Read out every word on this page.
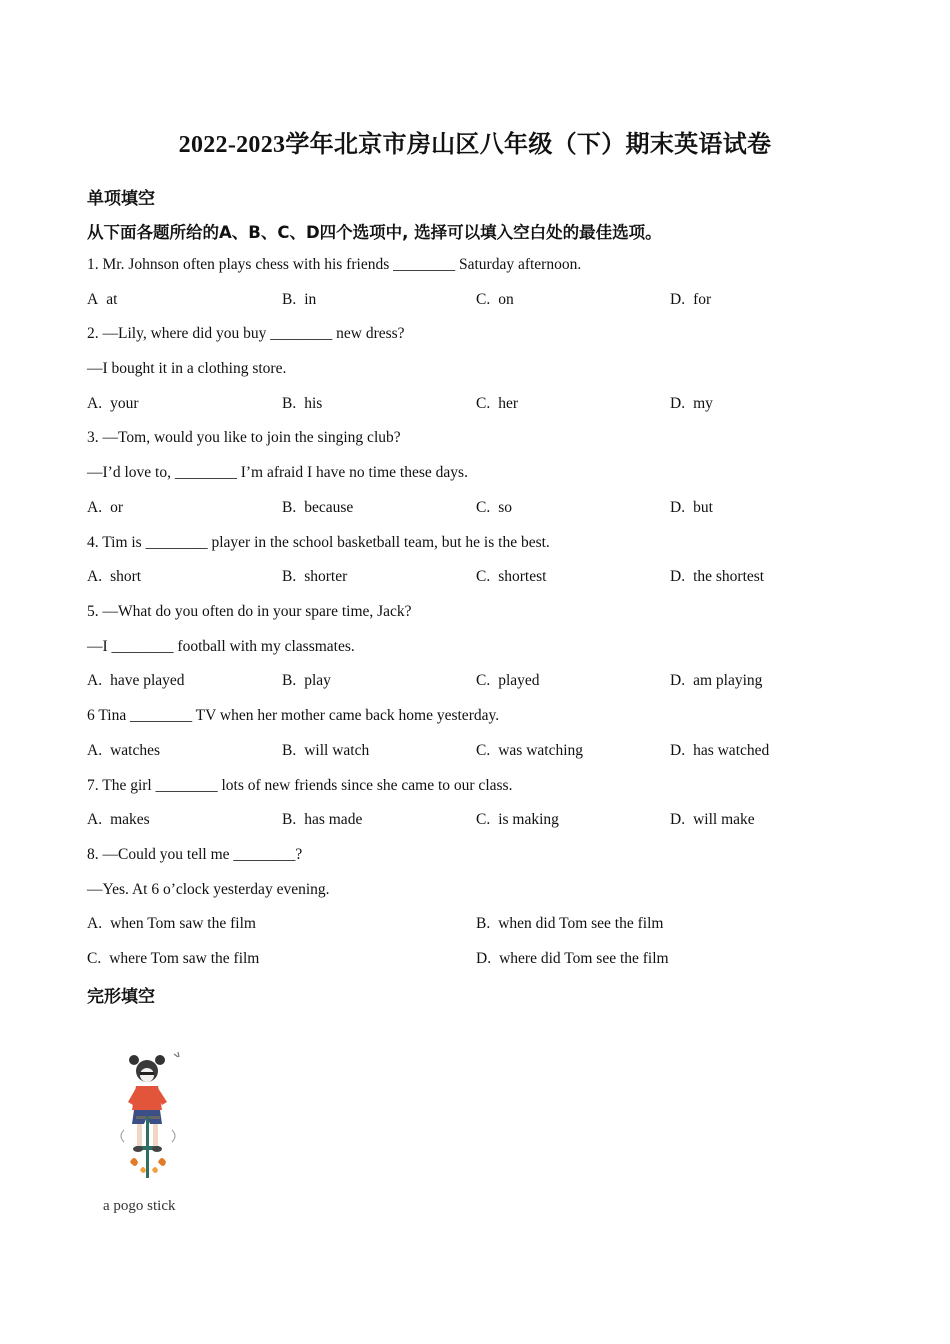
2022-2023学年北京市房山区八年级（下）期末英语试卷
单项填空
从下面各题所给的A、B、C、D四个选项中, 选择可以填入空白处的最佳选项。
1. Mr. Johnson often plays chess with his friends ________ Saturday afternoon.
A at	B. in	C. on	D. for
2. —Lily, where did you buy ________ new dress?
—I bought it in a clothing store.
A. your	B. his	C. her	D. my
3. —Tom, would you like to join the singing club?
—I’d love to, ________ I’m afraid I have no time these days.
A. or	B. because	C. so	D. but
4. Tim is ________ player in the school basketball team, but he is the best.
A. short	B. shorter	C. shortest	D. the shortest
5. —What do you often do in your spare time, Jack?
—I ________ football with my classmates.
A. have played	B. play	C. played	D. am playing
6 Tina ________ TV when her mother came back home yesterday.
A. watches	B. will watch	C. was watching	D. has watched
7. The girl ________ lots of new friends since she came to our class.
A. makes	B. has made	C. is making	D. will make
8. —Could you tell me ________?
—Yes. At 6 o’clock yesterday evening.
A. when Tom saw the film	B. when did Tom see the film
C. where Tom saw the film	D. where did Tom see the film
完形填空
a pogo stick
